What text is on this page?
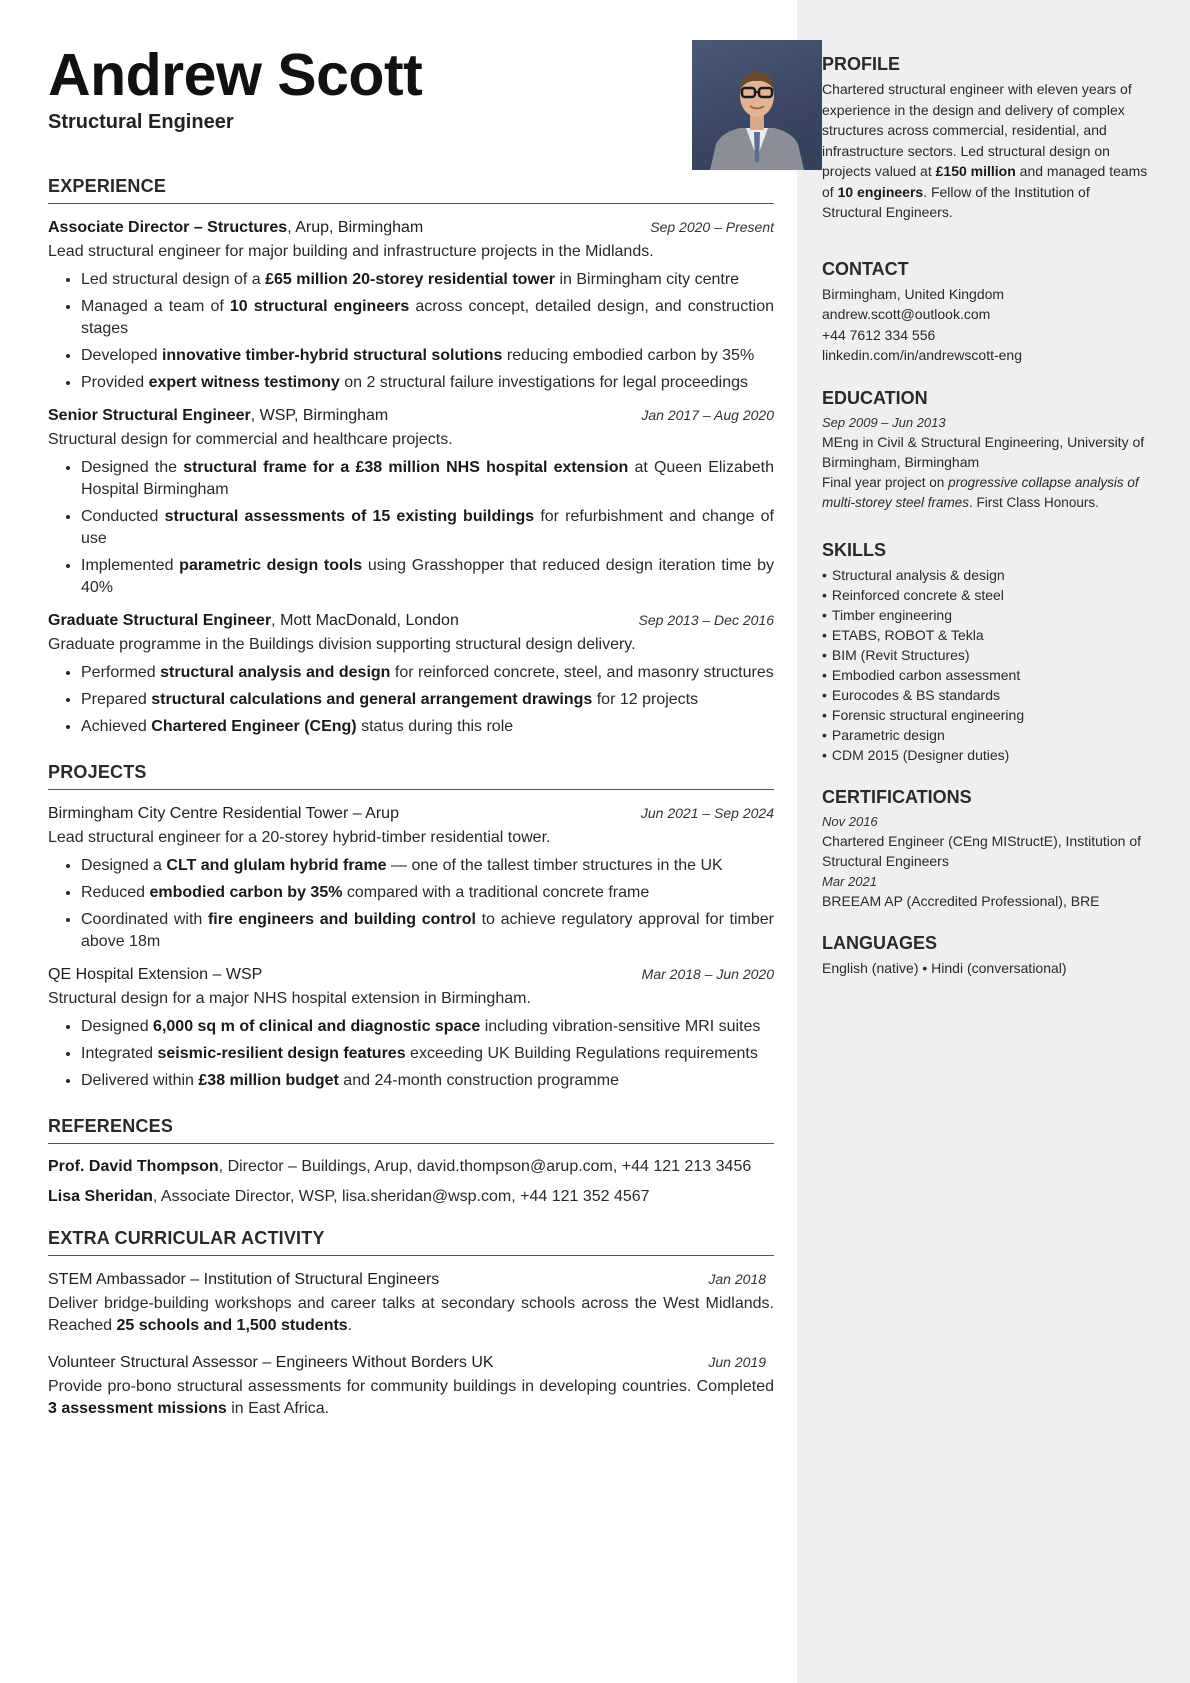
Andrew Scott
Structural Engineer
EXPERIENCE
Associate Director – Structures, Arup, Birmingham	Sep 2020 – Present
Lead structural engineer for major building and infrastructure projects in the Midlands.
• Led structural design of a £65 million 20-storey residential tower in Birmingham city centre
• Managed a team of 10 structural engineers across concept, detailed design, and construction stages
• Developed innovative timber-hybrid structural solutions reducing embodied carbon by 35%
• Provided expert witness testimony on 2 structural failure investigations for legal proceedings
Senior Structural Engineer, WSP, Birmingham	Jan 2017 – Aug 2020
Structural design for commercial and healthcare projects.
• Designed the structural frame for a £38 million NHS hospital extension at Queen Elizabeth Hospital Birmingham
• Conducted structural assessments of 15 existing buildings for refurbishment and change of use
• Implemented parametric design tools using Grasshopper that reduced design iteration time by 40%
Graduate Structural Engineer, Mott MacDonald, London	Sep 2013 – Dec 2016
Graduate programme in the Buildings division supporting structural design delivery.
• Performed structural analysis and design for reinforced concrete, steel, and masonry structures
• Prepared structural calculations and general arrangement drawings for 12 projects
• Achieved Chartered Engineer (CEng) status during this role
PROJECTS
Birmingham City Centre Residential Tower – Arup	Jun 2021 – Sep 2024
Lead structural engineer for a 20-storey hybrid-timber residential tower.
• Designed a CLT and glulam hybrid frame — one of the tallest timber structures in the UK
• Reduced embodied carbon by 35% compared with a traditional concrete frame
• Coordinated with fire engineers and building control to achieve regulatory approval for timber above 18m
QE Hospital Extension – WSP	Mar 2018 – Jun 2020
Structural design for a major NHS hospital extension in Birmingham.
• Designed 6,000 sq m of clinical and diagnostic space including vibration-sensitive MRI suites
• Integrated seismic-resilient design features exceeding UK Building Regulations requirements
• Delivered within £38 million budget and 24-month construction programme
REFERENCES
Prof. David Thompson, Director – Buildings, Arup, david.thompson@arup.com, +44 121 213 3456
Lisa Sheridan, Associate Director, WSP, lisa.sheridan@wsp.com, +44 121 352 4567
EXTRA CURRICULAR ACTIVITY
STEM Ambassador – Institution of Structural Engineers	Jan 2018
Deliver bridge-building workshops and career talks at secondary schools across the West Midlands. Reached 25 schools and 1,500 students.
Volunteer Structural Assessor – Engineers Without Borders UK	Jun 2019
Provide pro-bono structural assessments for community buildings in developing countries. Completed 3 assessment missions in East Africa.
PROFILE

Chartered structural engineer with eleven years of experience in the design and delivery of complex structures across commercial, residential, and infrastructure sectors. Led structural design on projects valued at £150 million and managed teams of 10 engineers. Fellow of the Institution of Structural Engineers.

CONTACT
Birmingham, United Kingdom
andrew.scott@outlook.com
+44 7612 334 556
linkedin.com/in/andrewscott-eng
EDUCATION
Sep 2009 – Jun 2013
MEng in Civil & Structural Engineering, University of Birmingham, Birmingham
Final year project on progressive collapse analysis of multi-storey steel frames. First Class Honours.
SKILLS
• Structural analysis & design
• Reinforced concrete & steel
• Timber engineering
• ETABS, ROBOT & Tekla
• BIM (Revit Structures)
• Embodied carbon assessment
• Eurocodes & BS standards
• Forensic structural engineering
• Parametric design
• CDM 2015 (Designer duties)
CERTIFICATIONS
Nov 2016
Chartered Engineer (CEng MIStructE), Institution of Structural Engineers
Mar 2021
BREEAM AP (Accredited Professional), BRE
LANGUAGES
English (native) • Hindi (conversational)
